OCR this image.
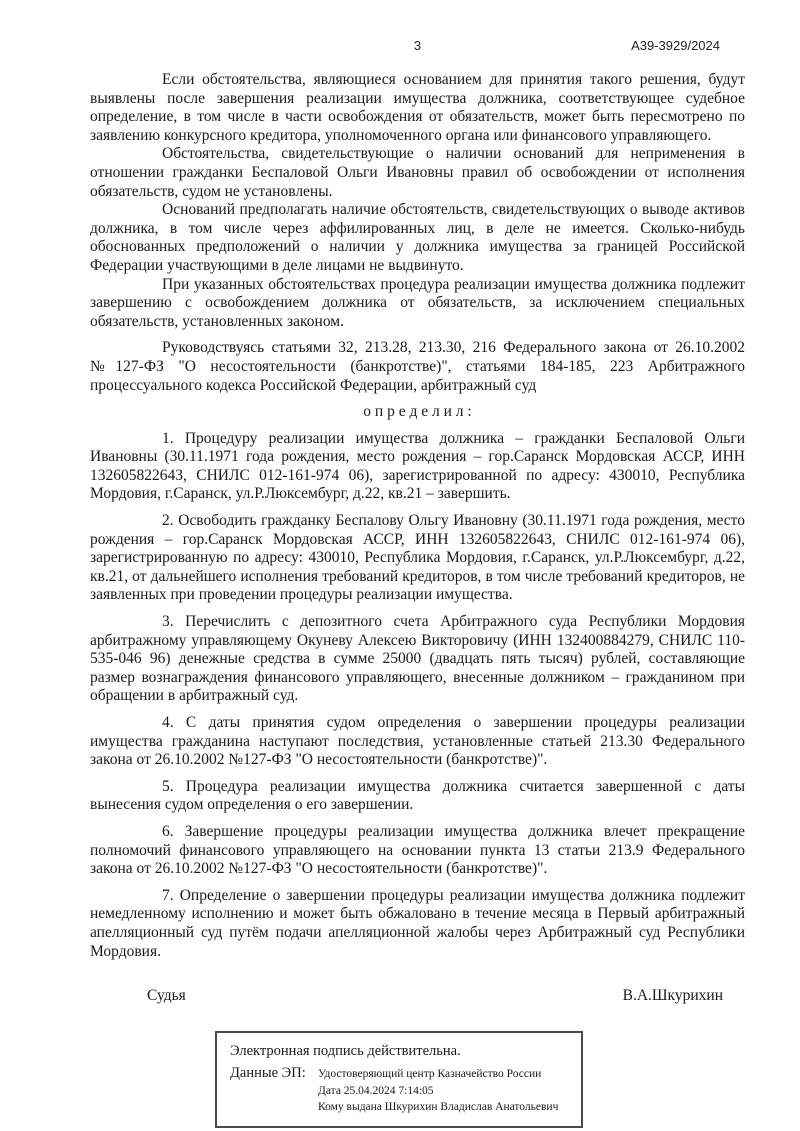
3	А39-3929/2024

Если обстоятельства, являющиеся основанием для принятия такого решения, будут выявлены после завершения реализации имущества должника, соответствующее судебное определение, в том числе в части освобождения от обязательств, может быть пересмотрено по заявлению конкурсного кредитора, уполномоченного органа или финансового управляющего.

Обстоятельства, свидетельствующие о наличии оснований для неприменения в отношении гражданки Беспаловой Ольги Ивановны правил об освобождении от исполнения обязательств, судом не установлены.

Оснований предполагать наличие обстоятельств, свидетельствующих о выводе активов должника, в том числе через аффилированных лиц, в деле не имеется. Сколько-нибудь обоснованных предположений о наличии у должника имущества за границей Российской Федерации участвующими в деле лицами не выдвинуто.

При указанных обстоятельствах процедура реализации имущества должника подлежит завершению с освобождением должника от обязательств, за исключением специальных обязательств, установленных законом.

Руководствуясь статьями 32, 213.28, 213.30, 216 Федерального закона от 26.10.2002 №127-ФЗ "О несостоятельности (банкротстве)", статьями 184-185, 223 Арбитражного процессуального кодекса Российской Федерации, арбитражный суд

о п р е д е л и л :

1. Процедуру реализации имущества должника – гражданки Беспаловой Ольги Ивановны (30.11.1971 года рождения, место рождения – гор.Саранск Мордовская АССР, ИНН 132605822643, СНИЛС 012-161-974 06), зарегистрированной по адресу: 430010, Республика Мордовия, г.Саранск, ул.Р.Люксембург, д.22, кв.21 – завершить.

2. Освободить гражданку Беспалову Ольгу Ивановну (30.11.1971 года рождения, место рождения – гор.Саранск Мордовская АССР, ИНН 132605822643, СНИЛС 012-161-974 06), зарегистрированную по адресу: 430010, Республика Мордовия, г.Саранск, ул.Р.Люксембург, д.22, кв.21, от дальнейшего исполнения требований кредиторов, в том числе требований кредиторов, не заявленных при проведении процедуры реализации имущества.

3. Перечислить с депозитного счета Арбитражного суда Республики Мордовия арбитражному управляющему Окуневу Алексею Викторовичу (ИНН 132400884279, СНИЛС 110-535-046 96) денежные средства в сумме 25000 (двадцать пять тысяч) рублей, составляющие размер вознаграждения финансового управляющего, внесенные должником – гражданином при обращении в арбитражный суд.

4. С даты принятия судом определения о завершении процедуры реализации имущества гражданина наступают последствия, установленные статьей 213.30 Федерального закона от 26.10.2002 №127-ФЗ "О несостоятельности (банкротстве)".

5. Процедура реализации имущества должника считается завершенной с даты вынесения судом определения о его завершении.

6. Завершение процедуры реализации имущества должника влечет прекращение полномочий финансового управляющего на основании пункта 13 статьи 213.9 Федерального закона от 26.10.2002 №127-ФЗ "О несостоятельности (банкротстве)".

7. Определение о завершении процедуры реализации имущества должника подлежит немедленному исполнению и может быть обжаловано в течение месяца в Первый арбитражный апелляционный суд путём подачи апелляционной жалобы через Арбитражный суд Республики Мордовия.

Судья	В.А.Шкурихин

Электронная подпись действительна.

Данные ЭП:	Удостоверяющий центр Казначейство России

Дата 25.04.2024 7:14:05

Кому выдана Шкурихин Владислав Анатольевич
